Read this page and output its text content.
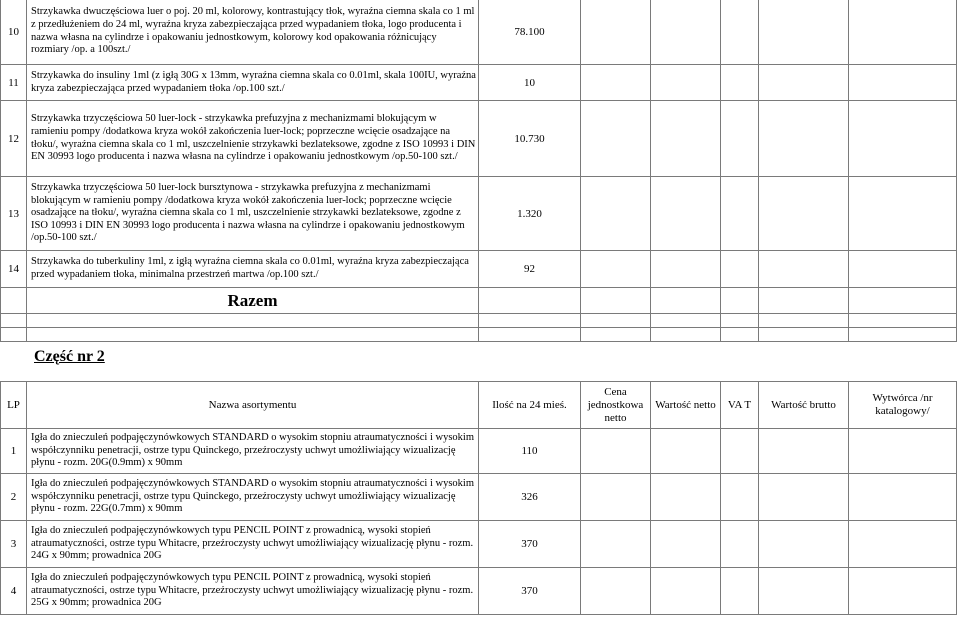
10	Strzykawka dwuczęściowa luer o poj. 20 ml, kolorowy, kontrastujący tłok, wyraźna ciemna skala co 1 ml z przedłużeniem do 24 ml, wyraźna kryza zabezpieczająca przed wypadaniem tłoka, logo producenta i nazwa własna na cylindrze i opakowaniu jednostkowym, kolorowy kod opakowania różnicujący rozmiary /op. a 100szt./	78.100					
11	Strzykawka do insuliny 1ml (z igłą 30G x 13mm, wyraźna ciemna skala co 0.01ml, skala 100IU, wyraźna kryza zabezpieczająca przed wypadaniem tłoka /op.100 szt./	10					
12	Strzykawka trzyczęściowa 50 luer-lock - strzykawka prefuzyjna z mechanizmami blokującym w ramieniu pompy /dodatkowa kryza wokół zakończenia luer-lock; poprzeczne wcięcie osadzające na tłoku/, wyraźna ciemna skala co 1 ml, uszczelnienie strzykawki bezlateksowe, zgodne z ISO 10993 i DIN EN 30993 logo producenta i nazwa własna na cylindrze i opakowaniu jednostkowym /op.50-100 szt./	10.730					
13	Strzykawka trzyczęściowa 50 luer-lock bursztynowa - strzykawka prefuzyjna z mechanizmami blokującym w ramieniu pompy /dodatkowa kryza wokół zakończenia luer-lock; poprzeczne wcięcie osadzające na tłoku/, wyraźna ciemna skala co 1 ml, uszczelnienie strzykawki bezlateksowe, zgodne z ISO 10993 i DIN EN 30993 logo producenta i nazwa własna na cylindrze i opakowaniu jednostkowym /op.50-100 szt./	1.320					
14	Strzykawka do tuberkuliny 1ml, z igłą wyraźna ciemna skala co 0.01ml, wyraźna kryza zabezpieczająca przed wypadaniem tłoka, minimalna przestrzeń martwa /op.100 szt./	92					
	Razem						

Część nr 2
LP	Nazwa asortymentu	Ilość na 24 mieś.	Cena jednostkowa netto	Wartość netto	VA T	Wartość brutto	Wytwórca /nr katalogowy/
1	Igła do znieczuleń podpajęczynówkowych STANDARD o wysokim stopniu atraumatyczności i wysokim współczynniku penetracji, ostrze typu Quinckego, przeźroczysty uchwyt umożliwiający wizualizację płynu - rozm. 20G(0.9mm) x 90mm	110					
2	Igła do znieczuleń podpajęczynówkowych STANDARD o wysokim stopniu atraumatyczności i wysokim współczynniku penetracji, ostrze typu Quinckego, przeźroczysty uchwyt umożliwiający wizualizację płynu - rozm. 22G(0.7mm) x 90mm	326					
3	Igła do znieczuleń podpajęczynówkowych typu PENCIL POINT z prowadnicą, wysoki stopień atraumatyczności, ostrze typu Whitacre, przeźroczysty uchwyt umożliwiający wizualizację płynu - rozm. 24G x 90mm; prowadnica 20G	370					
4	Igła do znieczuleń podpajęczynówkowych typu PENCIL POINT z prowadnicą, wysoki stopień atraumatyczności, ostrze typu Whitacre, przeźroczysty uchwyt umożliwiający wizualizację płynu - rozm. 25G x 90mm; prowadnica 20G	370					
